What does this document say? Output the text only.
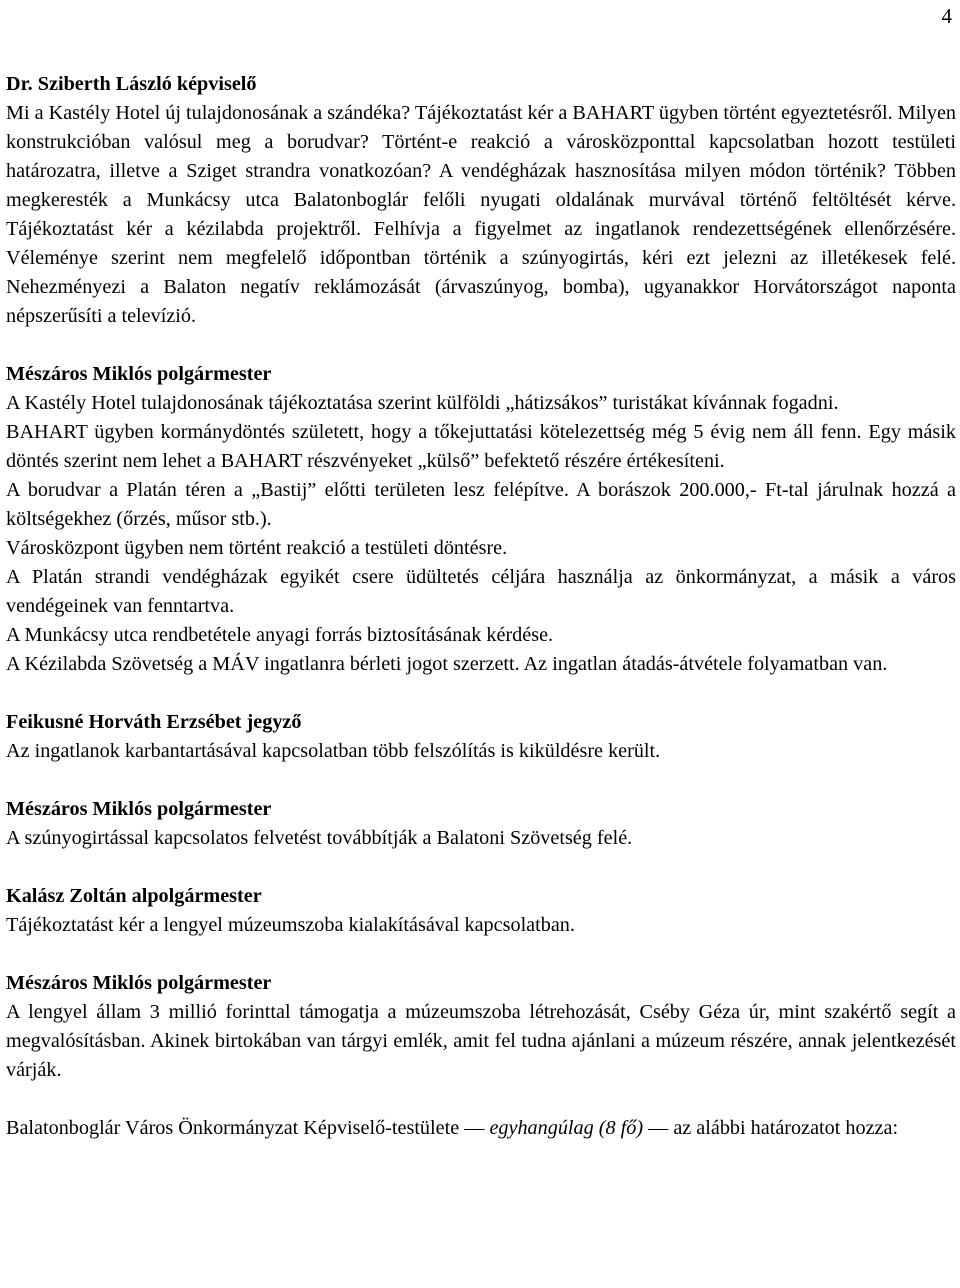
4

Dr. Sziberth László képviselő

Mi a Kastély Hotel új tulajdonosának a szándéka? Tájékoztatást kér a BAHART ügyben történt egyeztetésről. Milyen konstrukcióban valósul meg a borudvar? Történt-e reakció a városközponttal kapcsolatban hozott testületi határozatra, illetve a Sziget strandra vonatkozóan? A vendégházak hasznosítása milyen módon történik? Többen megkeresték a Munkácsy utca Balatonboglár felőli nyugati oldalának murvával történő feltöltését kérve. Tájékoztatást kér a kézilabda projektről. Felhívja a figyelmet az ingatlanok rendezettségének ellenőrzésére. Véleménye szerint nem megfelelő időpontban történik a szúnyogirtás, kéri ezt jelezni az illetékesek felé. Nehezményezi a Balaton negatív reklámozását (árvaszúnyog, bomba), ugyanakkor Horvátországot naponta népszerűsíti a televízió.

Mészáros Miklós polgármester

A Kastély Hotel tulajdonosának tájékoztatása szerint külföldi „hátizsákos” turistákat kívánnak fogadni.

BAHART ügyben kormánydöntés született, hogy a tőkejuttatási kötelezettség még 5 évig nem áll fenn. Egy másik döntés szerint nem lehet a BAHART részvényeket „külső” befektető részére értékesíteni.

A borudvar a Platán téren a „Bastij” előtti területen lesz felépítve. A borászok 200.000,- Ft-tal járulnak hozzá a költségekhez (őrzés, műsor stb.).

Városközpont ügyben nem történt reakció a testületi döntésre.

A Platán strandi vendégházak egyikét csere üdültetés céljára használja az önkormányzat, a másik a város vendégeinek van fenntartva.

A Munkácsy utca rendbetétele anyagi forrás biztosításának kérdése.

A Kézilabda Szövetség a MÁV ingatlanra bérleti jogot szerzett. Az ingatlan átadás-átvétele folyamatban van.

Feikusné Horváth Erzsébet jegyző

Az ingatlanok karbantartásával kapcsolatban több felszólítás is kiküldésre került.

Mészáros Miklós polgármester

A szúnyogirtással kapcsolatos felvetést továbbítják a Balatoni Szövetség felé.

Kalász Zoltán alpolgármester

Tájékoztatást kér a lengyel múzeumszoba kialakításával kapcsolatban.

Mészáros Miklós polgármester

A lengyel állam 3 millió forinttal támogatja a múzeumszoba létrehozását, Cséby Géza úr, mint szakértő segít a megvalósításban. Akinek birtokában van tárgyi emlék, amit fel tudna ajánlani a múzeum részére, annak jelentkezését várják.

Balatonboglár Város Önkormányzat Képviselő-testülete — egyhangúlag (8 fő) — az alábbi határozatot hozza:
